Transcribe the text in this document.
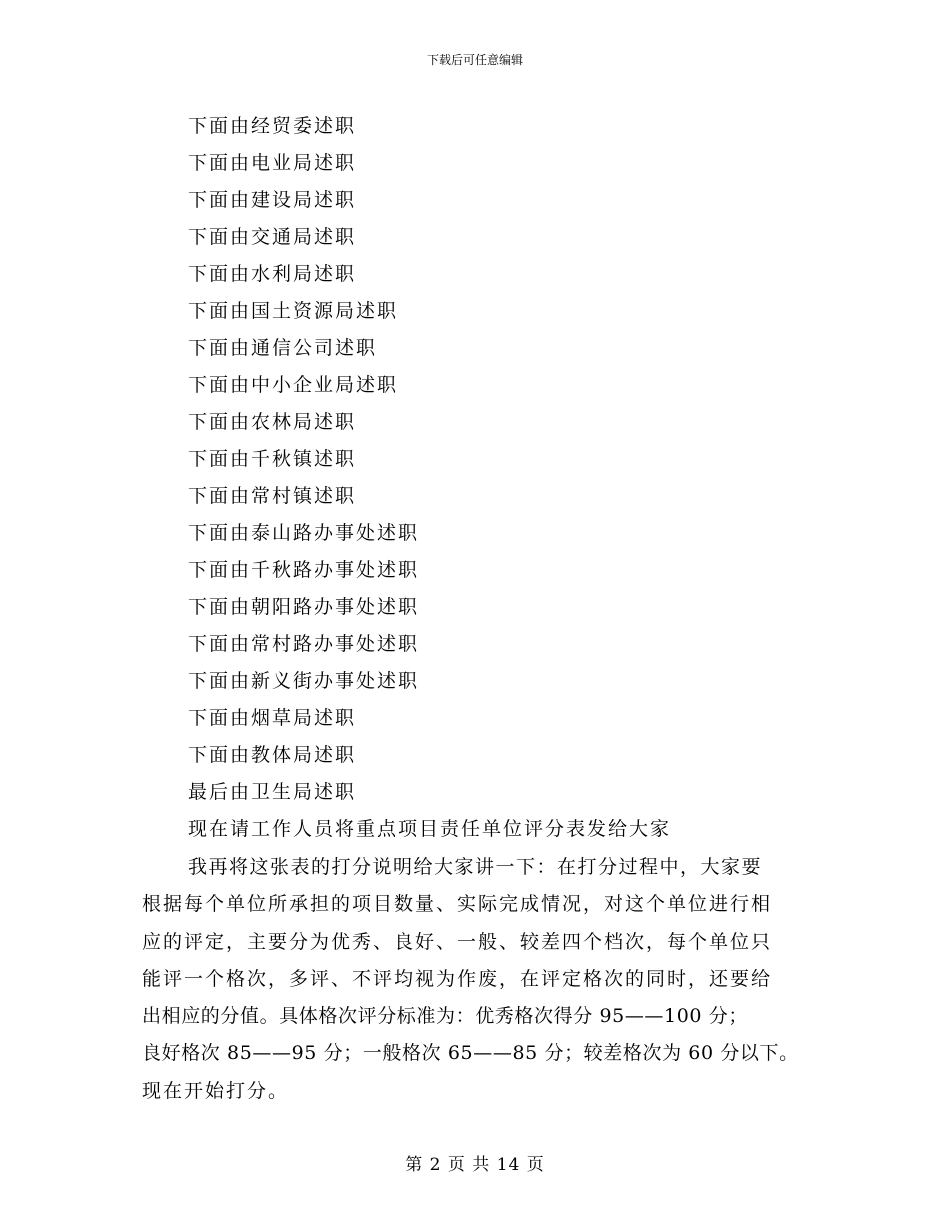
下载后可任意编辑
下面由经贸委述职
下面由电业局述职
下面由建设局述职
下面由交通局述职
下面由水利局述职
下面由国土资源局述职
下面由通信公司述职
下面由中小企业局述职
下面由农林局述职
下面由千秋镇述职
下面由常村镇述职
下面由泰山路办事处述职
下面由千秋路办事处述职
下面由朝阳路办事处述职
下面由常村路办事处述职
下面由新义街办事处述职
下面由烟草局述职
下面由教体局述职
最后由卫生局述职
现在请工作人员将重点项目责任单位评分表发给大家
我再将这张表的打分说明给大家讲一下：在打分过程中，大家要
根据每个单位所承担的项目数量、实际完成情况，对这个单位进行相
应的评定，主要分为优秀、良好、一般、较差四个档次，每个单位只
能评一个格次，多评、不评均视为作废，在评定格次的同时，还要给
出相应的分值。具体格次评分标准为：优秀格次得分 95——100 分；
良好格次 85——95 分；一般格次 65——85 分；较差格次为 60 分以下。
现在开始打分。
第 2 页 共 14 页
